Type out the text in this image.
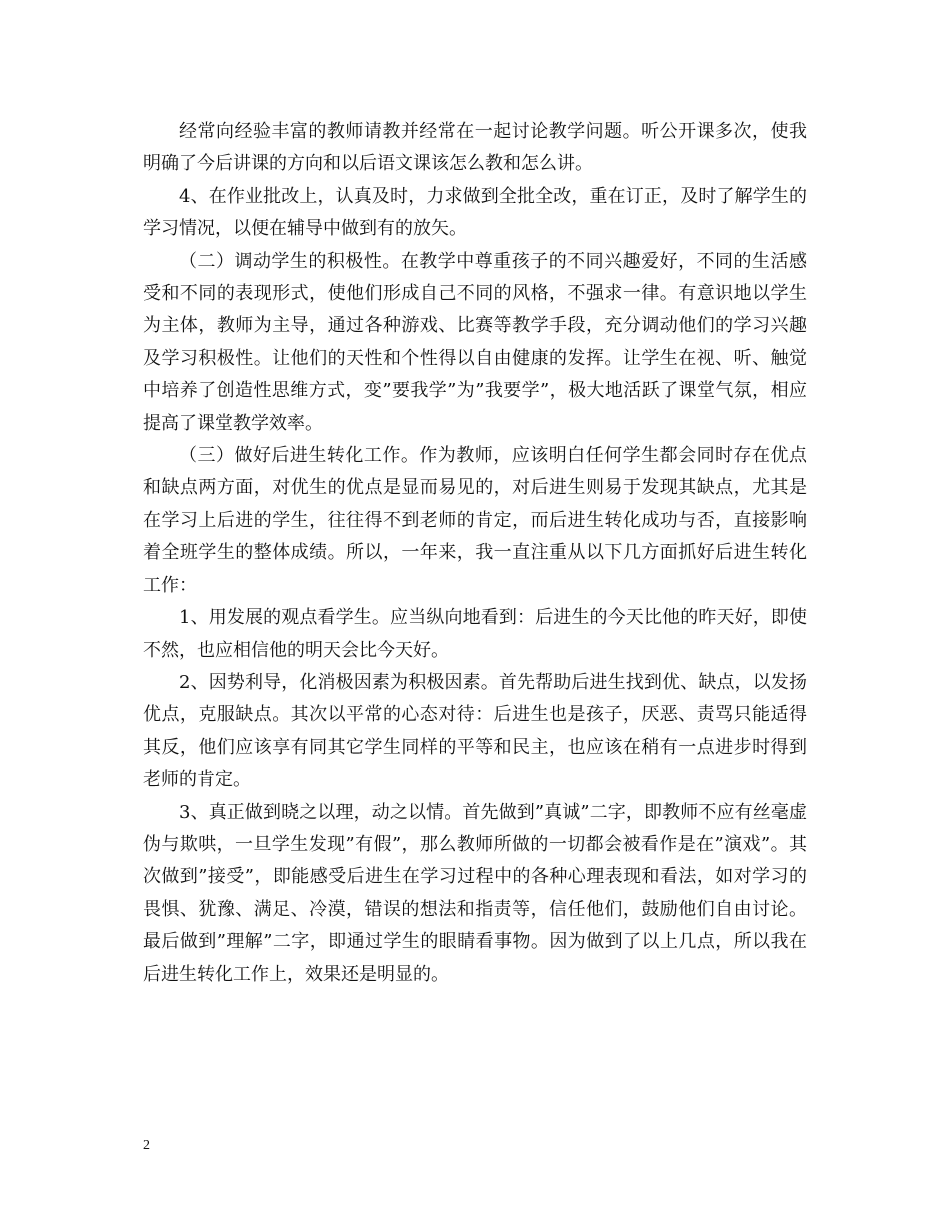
经常向经验丰富的教师请教并经常在一起讨论教学问题。听公开课多次，使我明确了今后讲课的方向和以后语文课该怎么教和怎么讲。

4、在作业批改上，认真及时，力求做到全批全改，重在订正，及时了解学生的学习情况，以便在辅导中做到有的放矢。

（二）调动学生的积极性。在教学中尊重孩子的不同兴趣爱好，不同的生活感受和不同的表现形式，使他们形成自己不同的风格，不强求一律。有意识地以学生为主体，教师为主导，通过各种游戏、比赛等教学手段，充分调动他们的学习兴趣及学习积极性。让他们的天性和个性得以自由健康的发挥。让学生在视、听、触觉中培养了创造性思维方式，变”要我学”为”我要学”，极大地活跃了课堂气氛，相应提高了课堂教学效率。

（三）做好后进生转化工作。作为教师，应该明白任何学生都会同时存在优点和缺点两方面，对优生的优点是显而易见的，对后进生则易于发现其缺点，尤其是在学习上后进的学生，往往得不到老师的肯定，而后进生转化成功与否，直接影响着全班学生的整体成绩。所以，一年来，我一直注重从以下几方面抓好后进生转化工作：

1、用发展的观点看学生。应当纵向地看到：后进生的今天比他的昨天好，即使不然，也应相信他的明天会比今天好。

2、因势利导，化消极因素为积极因素。首先帮助后进生找到优、缺点，以发扬优点，克服缺点。其次以平常的心态对待：后进生也是孩子，厌恶、责骂只能适得其反，他们应该享有同其它学生同样的平等和民主，也应该在稍有一点进步时得到老师的肯定。

3、真正做到晓之以理，动之以情。首先做到”真诚”二字，即教师不应有丝毫虚伪与欺哄，一旦学生发现”有假”，那么教师所做的一切都会被看作是在”演戏”。其次做到”接受”，即能感受后进生在学习过程中的各种心理表现和看法，如对学习的畏惧、犹豫、满足、冷漠，错误的想法和指责等，信任他们，鼓励他们自由讨论。最后做到”理解”二字，即通过学生的眼睛看事物。因为做到了以上几点，所以我在后进生转化工作上，效果还是明显的。

2
